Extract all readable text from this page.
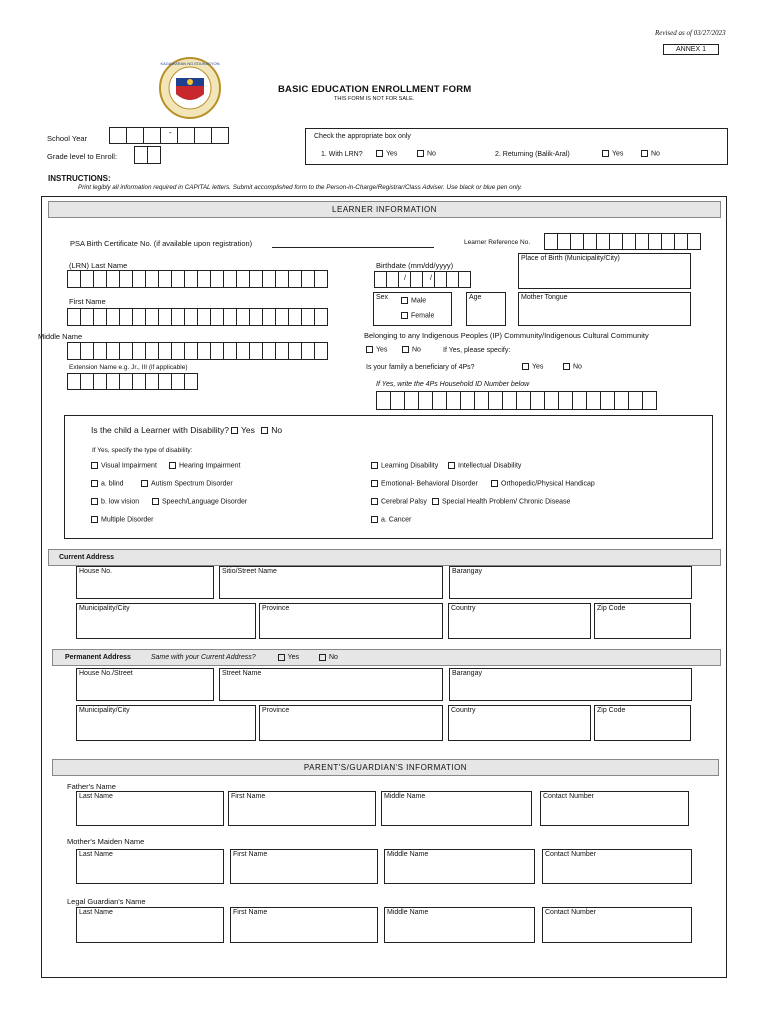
Revised as of 03/27/2023
ANNEX 1
KAGAWARAN NG EDUKASYON
BASIC EDUCATION ENROLLMENT FORM
THIS FORM IS NOT FOR SALE.
School Year
-
Grade level to Enroll:
Check the appropriate box only
1. With LRN?	Yes	No	2. Returning (Balik-Aral)	Yes	No
INSTRUCTIONS:
Print legibly all information required in CAPITAL letters. Submit accomplished form to the Person-in-Charge/Registrar/Class Adviser. Use black or blue pen only.
LEARNER INFORMATION
PSA Birth Certificate No. (if available upon registration)	Learner Reference No.
(LRN) Last Name	Birthdate (mm/dd/yyyy)
/	/
Place of Birth (Municipality/City)
First Name	Sex	Male
Female
Age	Mother Tongue
Middle Name	Belonging to any Indigenous Peoples (IP) Community/Indigenous Cultural Community
Yes	No	If Yes, please specify:
Extension Name e.g. Jr., III (if applicable)	Is your family a beneficiary of 4Ps?	Yes	No
If Yes, write the 4Ps Household ID Number below
Is the child a Learner with Disability? Yes No
If Yes, specify the type of disability:
Visual Impairment	Hearing Impairment
a. blind	Autism Spectrum Disorder
b. low vision	Speech/Language Disorder
Multiple Disorder
Learning Disability	Intellectual Disability
Emotional- Behavioral Disorder	Orthopedic/Physical Handicap
Cerebral Palsy	Special Health Problem/ Chronic Disease
a. Cancer
Current Address
House No.	Sitio/Street Name	Barangay
Municipality/City	Province	Country	Zip Code
Permanent Address	Same with your Current Address?	Yes	No
House No./Street	Street Name	Barangay
Municipality/City	Province	Country	Zip Code
PARENT'S/GUARDIAN'S INFORMATION
Father's Name
Last Name	First Name	Middle Name	Contact Number
Mother's Maiden Name
Last Name	First Name	Middle Name	Contact Number
Legal Guardian's Name
Last Name	First Name	Middle Name	Contact Number
